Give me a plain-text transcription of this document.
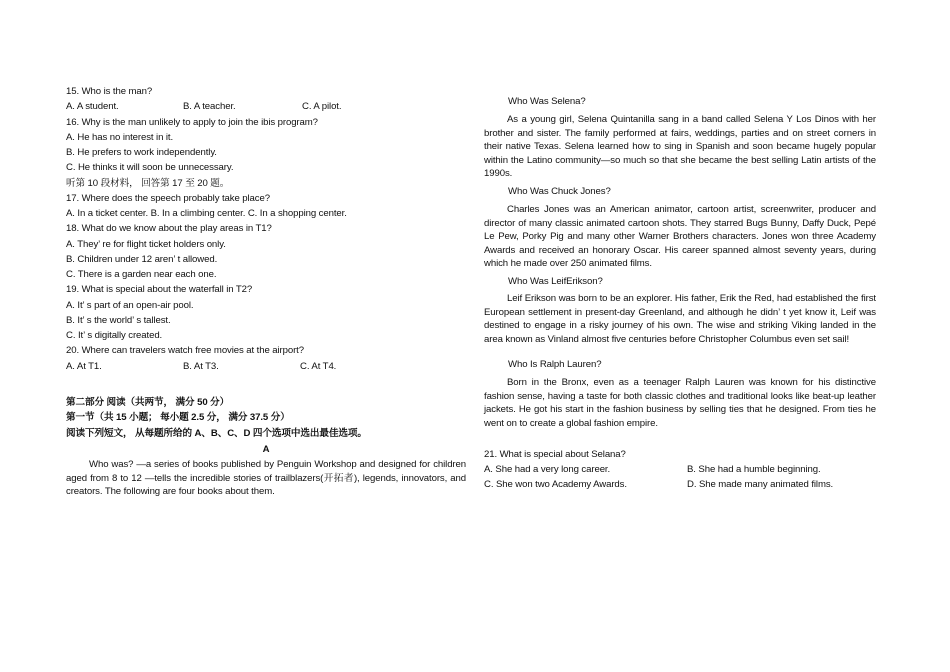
15. Who is the man?
A. A student.	B. A teacher.	C. A pilot.
16. Why is the man unlikely to apply to join the ibis program?
A. He has no interest in it.
B. He prefers to work independently.
C. He thinks it will soon be unnecessary.
听第 10 段材料， 回答第 17 至 20 题。
17. Where does the speech probably take place?
A. In a ticket center. B. In a climbing center. C. In a shopping center.
18. What do we know about the play areas in T1?
A. They’ re for flight ticket holders only.
B. Children under 12 aren’ t allowed.
C. There is a garden near each one.
19. What is special about the waterfall in T2?
A. It’ s part of an open-air pool.
B. It’ s the world’ s tallest.
C. It’ s digitally created.
20. Where can travelers watch free movies at the airport?
A. At T1.	B. At T3.	C. At T4.
第二部分 阅读（共两节， 满分 50 分）
第一节（共 15 小题； 每小题 2.5 分， 满分 37.5 分）
阅读下列短文， 从每题所给的 A、B、C、D 四个选项中选出最佳选项。
A
Who was? —a series of books published by Penguin Workshop and designed for children aged from 8 to 12 —tells the incredible stories of trailblazers(开拓者), legends, innovators, and creators. The following are four books about them.
Who Was Selena?
As a young girl, Selena Quintanilla sang in a band called Selena Y Los Dinos with her brother and sister. The family performed at fairs, weddings, parties and on street corners in their native Texas. Selena learned how to sing in Spanish and soon became hugely popular within the Latino community—so much so that she became the best selling Latin artists of the 1990s.
Who Was Chuck Jones?
Charles Jones was an American animator, cartoon artist, screenwriter, producer and director of many classic animated cartoon shots. They starred Bugs Bunny, Daffy Duck, Pepé Le Pew, Porky Pig and many other Warner Brothers characters. Jones won three Academy Awards and received an honorary Oscar. His career spanned almost seventy years, during which he made over 250 animated films.
Who Was LeifErikson?
Leif Erikson was born to be an explorer. His father, Erik the Red, had established the first European settlement in present-day Greenland, and although he didn’ t yet know it, Leif was destined to engage in a risky journey of his own. The wise and striking Viking landed in the area known as Vinland almost five centuries before Christopher Columbus even set sail!
Who Is Ralph Lauren?
Born in the Bronx, even as a teenager Ralph Lauren was known for his distinctive fashion sense, having a taste for both classic clothes and traditional looks like beat-up leather jackets. He got his start in the fashion business by selling ties that he designed. From ties he went on to create a global fashion empire.
21. What is special about Selana?
A. She had a very long career.	B. She had a humble beginning.
C. She won two Academy Awards.	D. She made many animated films.
